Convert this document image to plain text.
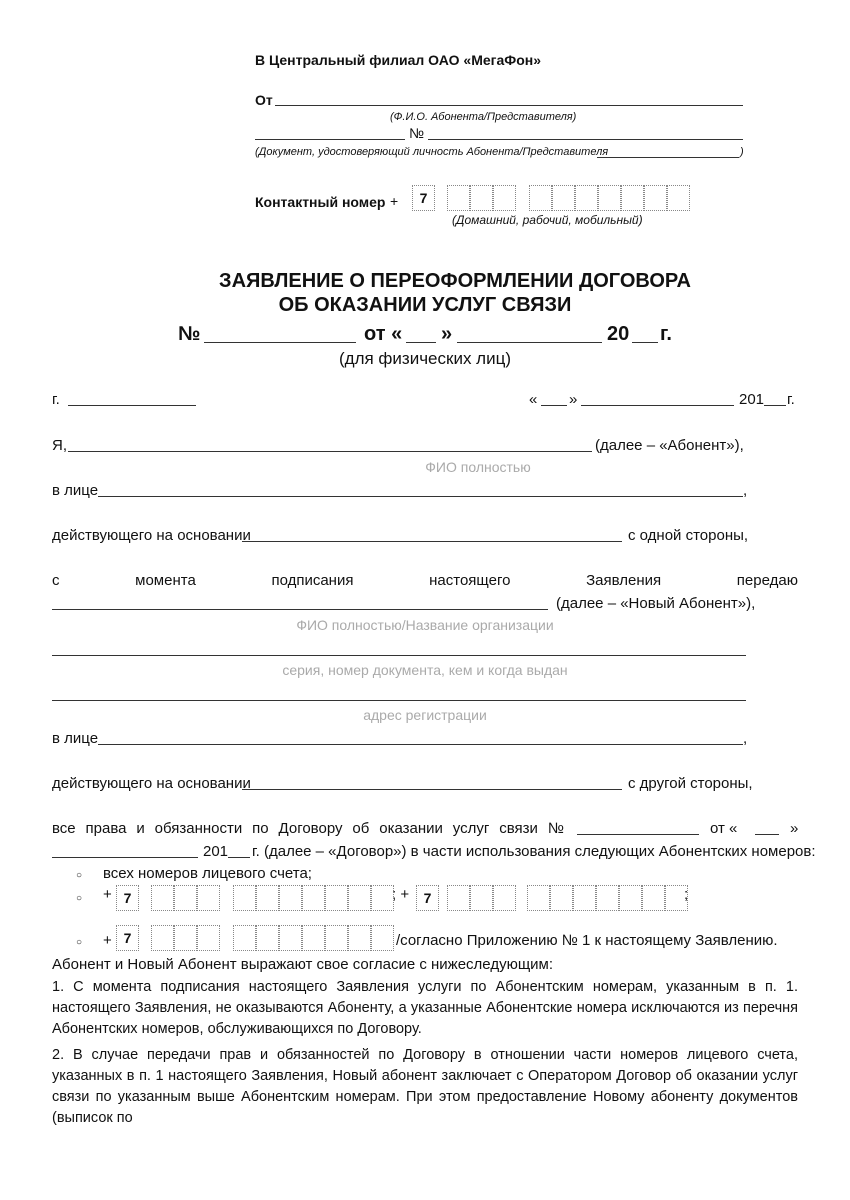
В Центральный филиал ОАО «МегаФон»
От
(Ф.И.О. Абонента/Представителя)
№
(Документ, удостоверяющий личность Абонента/Представителя	)
Контактный номер +	7
(Домашний, рабочий, мобильный)
ЗАЯВЛЕНИЕ О ПЕРЕОФОРМЛЕНИИ ДОГОВОРА
ОБ ОКАЗАНИИ УСЛУГ СВЯЗИ
№	от « »	20 г.
(для физических лиц)
г.	« »	201 г.
Я,	(далее – «Абонент»),
ФИО полностью
в лице	,
действующего на основании	с одной стороны,
с	момента	подписания	настоящего	Заявления	передаю
(далее – «Новый Абонент»),
ФИО полностью/Название организации
серия, номер документа, кем и когда выдан
адрес регистрации
в лице	,
действующего на основании	с другой стороны,
все права и обязанности по Договору об оказании услуг связи №	от «	»
201 г. (далее – «Договор») в части использования следующих Абонентских номеров:
○ всех номеров лицевого счета;
○ + 7	; +	7	;
○ + 7	/согласно Приложению № 1 к настоящему Заявлению.
Абонент и Новый Абонент выражают свое согласие с нижеследующим:
1. С момента подписания настоящего Заявления услуги по Абонентским номерам, указанным в п. 1. настоящего Заявления, не оказываются Абоненту, а указанные Абонентские номера исключаются из перечня Абонентских номеров, обслуживающихся по Договору.
2. В случае передачи прав и обязанностей по Договору в отношении части номеров лицевого счета, указанных в п. 1 настоящего Заявления, Новый абонент заключает с Оператором Договор об оказании услуг связи по указанным выше Абонентским номерам. При этом предоставление Новому абоненту документов (выписок по
